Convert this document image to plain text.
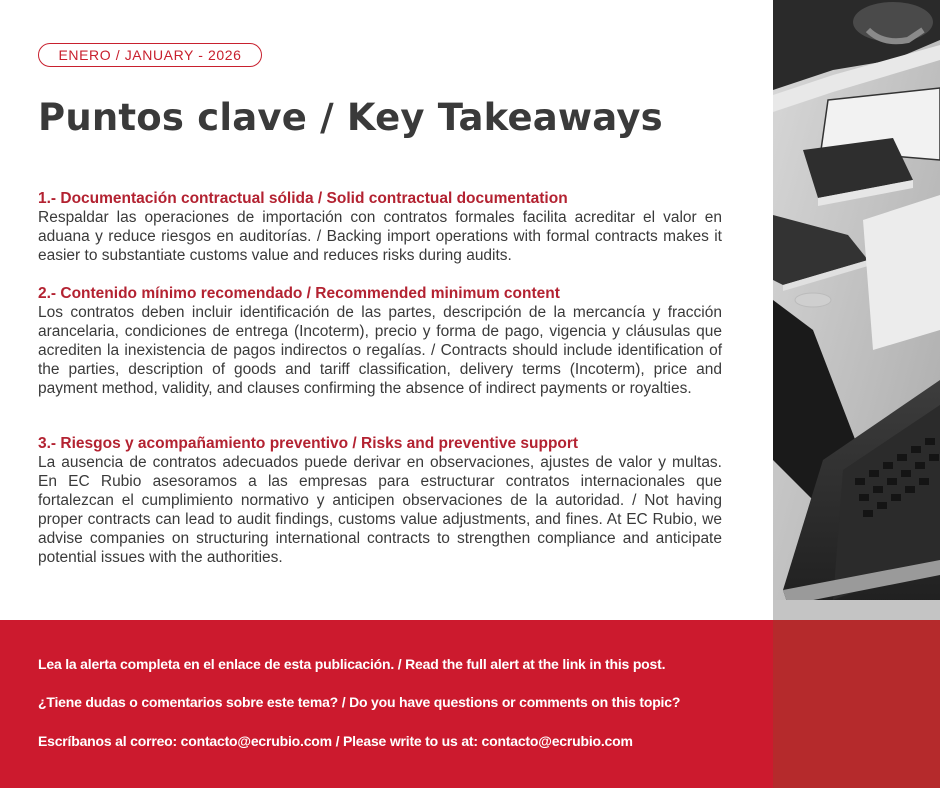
ENERO / JANUARY - 2026
Puntos clave / Key Takeaways
1.- Documentación contractual sólida / Solid contractual documentation

Respaldar las operaciones de importación con contratos formales facilita acreditar el valor en aduana y reduce riesgos en auditorías. / Backing import operations with formal contracts makes it easier to substantiate customs value and reduces risks during audits.

2.- Contenido mínimo recomendado / Recommended minimum content

Los contratos deben incluir identificación de las partes, descripción de la mercancía y fracción arancelaria, condiciones de entrega (Incoterm), precio y forma de pago, vigencia y cláusulas que acrediten la inexistencia de pagos indirectos o regalías. / Contracts should include identification of the parties, description of goods and tariff classification, delivery terms (Incoterm), price and payment method, validity, and clauses confirming the absence of indirect payments or royalties.

3.- Riesgos y acompañamiento preventivo / Risks and preventive support

La ausencia de contratos adecuados puede derivar en observaciones, ajustes de valor y multas. En EC Rubio asesoramos a las empresas para estructurar contratos internacionales que fortalezcan el cumplimiento normativo y anticipen observaciones de la autoridad. / Not having proper contracts can lead to audit findings, customs value adjustments, and fines. At EC Rubio, we advise companies on structuring international contracts to strengthen compliance and anticipate potential issues with the authorities.

Lea la alerta completa en el enlace de esta publicación. / Read the full alert at the link in this post.

¿Tiene dudas o comentarios sobre este tema? / Do you have questions or comments on this topic?

Escríbanos al correo: contacto@ecrubio.com / Please write to us at: contacto@ecrubio.com
